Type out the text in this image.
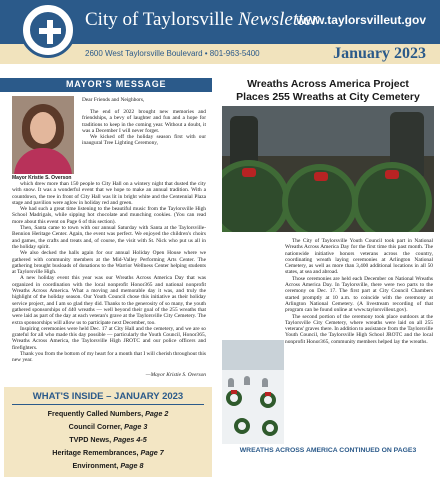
City of Taylorsville Newsletter
www.taylorsvilleut.gov
2600 West Taylorsville Boulevard • 801-963-5400	January 2023
MAYOR'S MESSAGE
Mayor Kristie S. Overson
Dear Friends and Neighbors,

The end of 2022 brought new memories and friendships, a bevy of laughter and fun and a hope for traditions to keep in the coming year. Without a doubt, it was a December I will never forget.

We kicked off the holiday season first with our inaugural Tree Lighting Ceremony,

which drew more than 150 people to City Hall on a wintery night that dusted the city with snow. It was a wonderful event that we hope to make an annual tradition. With a countdown, the tree in front of City Hall was lit in bright white and the Centennial Plaza stage and pavilion were aglow in holiday red and green.

We had such a great time listening to the beautiful music from the Taylorsville High School Madrigals, while sipping hot chocolate and munching cookies. (You can read more about this event on Page 6 of this section).

Then, Santa came to town with our annual Saturday with Santa at the Taylorsville-Bennion Heritage Center. Again, the event was perfect. We enjoyed the children's choirs and games, the crafts and treats and, of course, the visit with St. Nick who put us all in the holiday spirit.

We also decked the halls again for our annual Holiday Open House where we gathered with community members at the Mid-Valley Performing Arts Center. The gathering brought busloads of donations to the Warrior Wellness Center helping students at Taylorsville High.

A new holiday event this year was our Wreaths Across America Day that was organized in coordination with the local nonprofit Honor365 and national nonprofit Wreaths Across America. What a moving and memorable day it was, and truly the highlight of the holiday season. Our Youth Council chose this initiative as their holiday service project, and I am so glad they did. Thanks to the generosity of so many, the youth gathered sponsorships of 440 wreaths — well beyond their goal of the 255 wreaths that were laid as part of the day at each veteran's grave at the Taylorsville City Cemetery. The extra sponsorships will allow us to participate next December, too.

Inspiring ceremonies were held Dec. 17 at City Hall and the cemetery, and we are so grateful for all who made this day possible — particularly the Youth Council, Honor365, Wreaths Across America, the Taylorsville High JROTC and our police officers and firefighters.

Thank you from the bottom of my heart for a month that I will cherish throughout this new year.

—Mayor Kristie S. Overson
WHAT'S INSIDE – JANUARY 2023
Frequently Called Numbers, Page 2
Council Corner, Page 3
TVPD News, Pages 4-5
Heritage Remembrances, Page 7
Environment, Page 8
Wreaths Across America Project
Places 255 Wreaths at City Cemetery

The City of Taylorsville Youth Council took part in National Wreaths Across America Day for the first time this past month. The nationwide initiative honors veterans across the country, coordinating wreath laying ceremonies at Arlington National Cemetery, as well as more than 3,400 additional locations in all 50 states, at sea and abroad.

Those ceremonies are held each December on National Wreaths Across America Day. In Taylorsville, there were two parts to the ceremony on Dec. 17. The first part at City Council Chambers started promptly at 10 a.m. to coincide with the ceremony at Arlington National Cemetery. (A livestream recording of that program can be found online at www.taylorsvilleut.gov).

The second portion of the ceremony took place outdoors at the Taylorsville City Cemetery, where wreaths were laid on all 255 veterans' graves there. In addition to assistance from the Taylorsville Youth Council, the Taylorsville High School JROTC and the local nonprofit Honor365, community members helped lay the wreaths.

WREATHS ACROSS AMERICA CONTINUED ON PAGE3
